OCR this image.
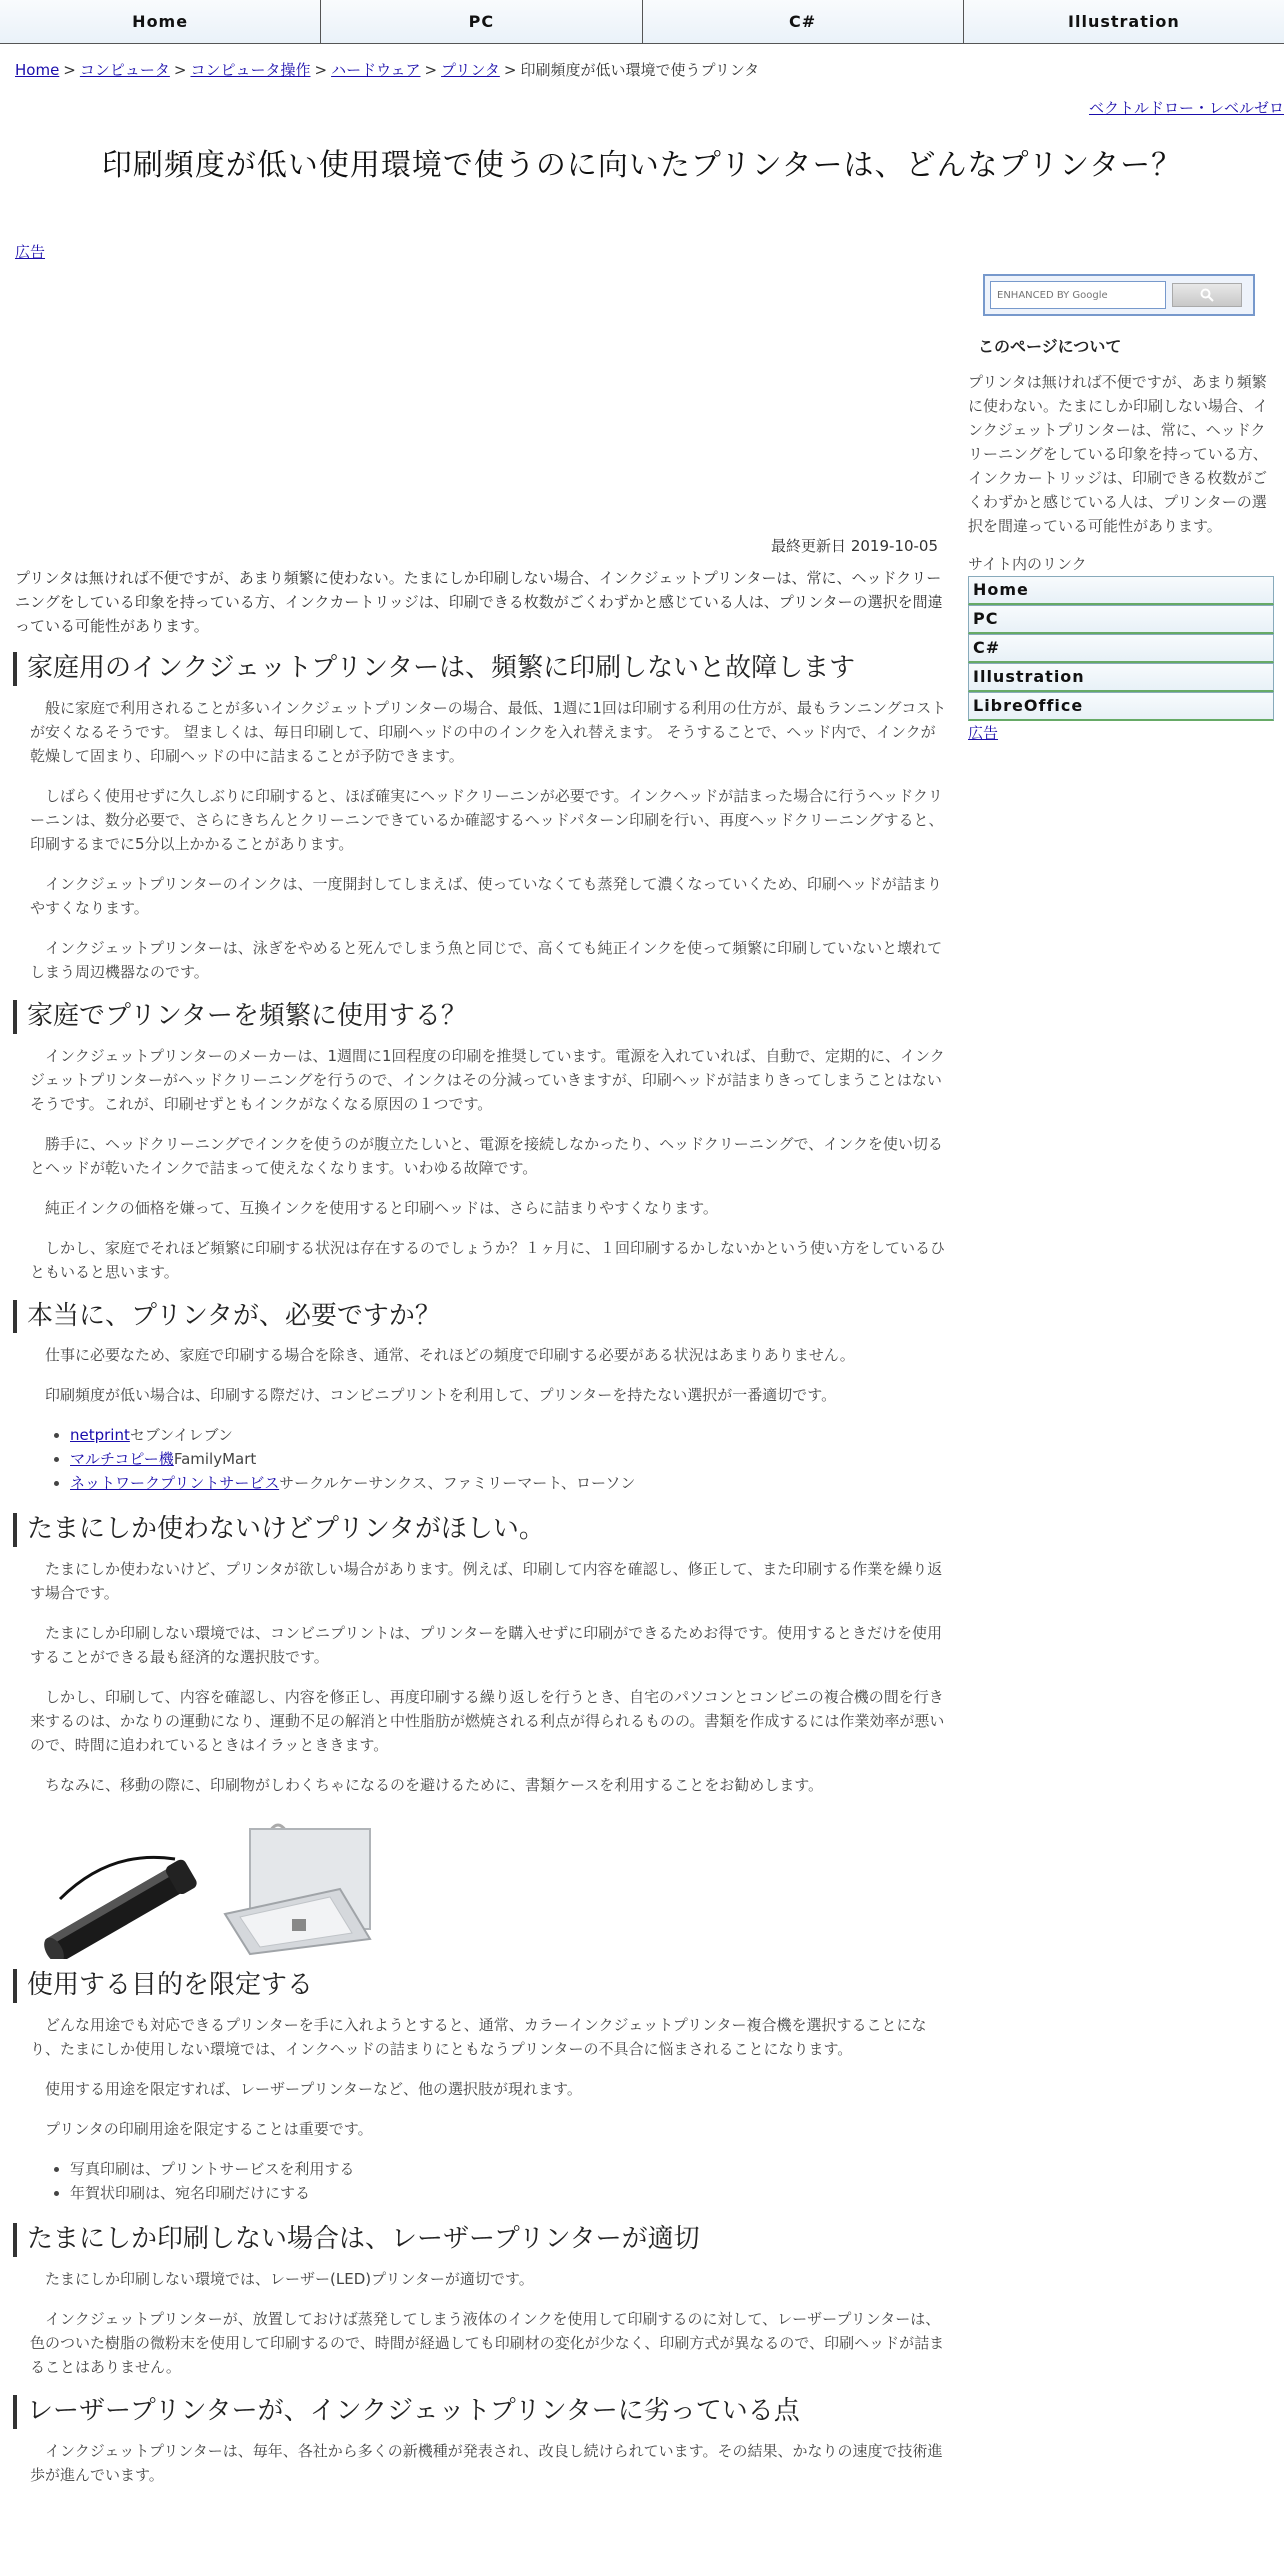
Home	PC	C#	Illustration
Home > コンピュータ > コンピュータ操作 > ハードウェア > プリンタ > 印刷頻度が低い環境で使うプリンタ
ベクトルドロー・レベルゼロ
印刷頻度が低い使用環境で使うのに向いたプリンターは、どんなプリンター？
広告
最終更新日 2019-10-05

プリンタは無ければ不便ですが、あまり頻繁に使わない。たまにしか印刷しない場合、インクジェットプリンターは、常に、ヘッドクリーニングをしている印象を持っている方、インクカートリッジは、印刷できる枚数がごくわずかと感じている人は、プリンターの選択を間違っている可能性があります。

家庭用のインクジェットプリンターは、頻繁に印刷しないと故障します

般に家庭で利用されることが多いインクジェットプリンターの場合、最低、1週に1回は印刷する利用の仕方が、最もランニングコストが安くなるそうです。 望ましくは、毎日印刷して、印刷ヘッドの中のインクを入れ替えます。 そうすることで、ヘッド内で、インクが乾燥して固まり、印刷ヘッドの中に詰まることが予防できます。

しばらく使用せずに久しぶりに印刷すると、ほぼ確実にヘッドクリーニンが必要です。インクヘッドが詰まった場合に行うヘッドクリーニンは、数分必要で、さらにきちんとクリーニンできているか確認するヘッドパターン印刷を行い、再度ヘッドクリーニングすると、印刷するまでに5分以上かかることがあります。

インクジェットプリンターのインクは、一度開封してしまえば、使っていなくても蒸発して濃くなっていくため、印刷ヘッドが詰まりやすくなります。

インクジェットプリンターは、泳ぎをやめると死んでしまう魚と同じで、高くても純正インクを使って頻繁に印刷していないと壊れてしまう周辺機器なのです。

家庭でプリンターを頻繁に使用する？

インクジェットプリンターのメーカーは、1週間に1回程度の印刷を推奨しています。電源を入れていれば、自動で、定期的に、インクジェットプリンターがヘッドクリーニングを行うので、インクはその分減っていきますが、印刷ヘッドが詰まりきってしまうことはないそうです。これが、印刷せずともインクがなくなる原因の１つです。

勝手に、ヘッドクリーニングでインクを使うのが腹立たしいと、電源を接続しなかったり、ヘッドクリーニングで、インクを使い切るとヘッドが乾いたインクで詰まって使えなくなります。いわゆる故障です。

純正インクの価格を嫌って、互換インクを使用すると印刷ヘッドは、さらに詰まりやすくなります。

しかし、家庭でそれほど頻繁に印刷する状況は存在するのでしょうか？１ヶ月に、１回印刷するかしないかという使い方をしているひともいると思います。

本当に、プリンタが、必要ですか？

仕事に必要なため、家庭で印刷する場合を除き、通常、それほどの頻度で印刷する必要がある状況はあまりありません。

印刷頻度が低い場合は、印刷する際だけ、コンビニプリントを利用して、プリンターを持たない選択が一番適切です。

• netprintセブンイレブン
• マルチコピー機FamilyMart
• ネットワークプリントサービスサークルケーサンクス、ファミリーマート、ローソン
たまにしか使わないけどプリンタがほしい。

たまにしか使わないけど、プリンタが欲しい場合があります。例えば、印刷して内容を確認し、修正して、また印刷する作業を繰り返す場合です。

たまにしか印刷しない環境では、コンビニプリントは、プリンターを購入せずに印刷ができるためお得です。使用するときだけを使用することができる最も経済的な選択肢です。

しかし、印刷して、内容を確認し、内容を修正し、再度印刷する繰り返しを行うとき、自宅のパソコンとコンビニの複合機の間を行き来するのは、かなりの運動になり、運動不足の解消と中性脂肪が燃焼される利点が得られるものの。書類を作成するには作業効率が悪いので、時間に追われているときはイラッとききます。

ちなみに、移動の際に、印刷物がしわくちゃになるのを避けるために、書類ケースを利用することをお勧めします。

使用する目的を限定する

どんな用途でも対応できるプリンターを手に入れようとすると、通常、カラーインクジェットプリンター複合機を選択することになり、たまにしか使用しない環境では、インクヘッドの詰まりにともなうプリンターの不具合に悩まされることになります。

使用する用途を限定すれば、レーザープリンターなど、他の選択肢が現れます。

プリンタの印刷用途を限定することは重要です。

• 写真印刷は、プリントサービスを利用する
• 年賀状印刷は、宛名印刷だけにする
たまにしか印刷しない場合は、レーザープリンターが適切

たまにしか印刷しない環境では、レーザー(LED)プリンターが適切です。

インクジェットプリンターが、放置しておけば蒸発してしまう液体のインクを使用して印刷するのに対して、レーザープリンターは、色のついた樹脂の微粉末を使用して印刷するので、時間が経過しても印刷材の変化が少なく、印刷方式が異なるので、印刷ヘッドが詰まることはありません。

レーザープリンターが、インクジェットプリンターに劣っている点

インクジェットプリンターは、毎年、各社から多くの新機種が発表され、改良し続けられています。その結果、かなりの速度で技術進歩が進んでいます。

ENHANCED BY Google
このページについて

プリンタは無ければ不便ですが、あまり頻繁に使わない。たまにしか印刷しない場合、インクジェットプリンターは、常に、ヘッドクリーニングをしている印象を持っている方、インクカートリッジは、印刷できる枚数がごくわずかと感じている人は、プリンターの選択を間違っている可能性があります。

サイト内のリンク
Home
PC
C#
Illustration
LibreOffice
広告
